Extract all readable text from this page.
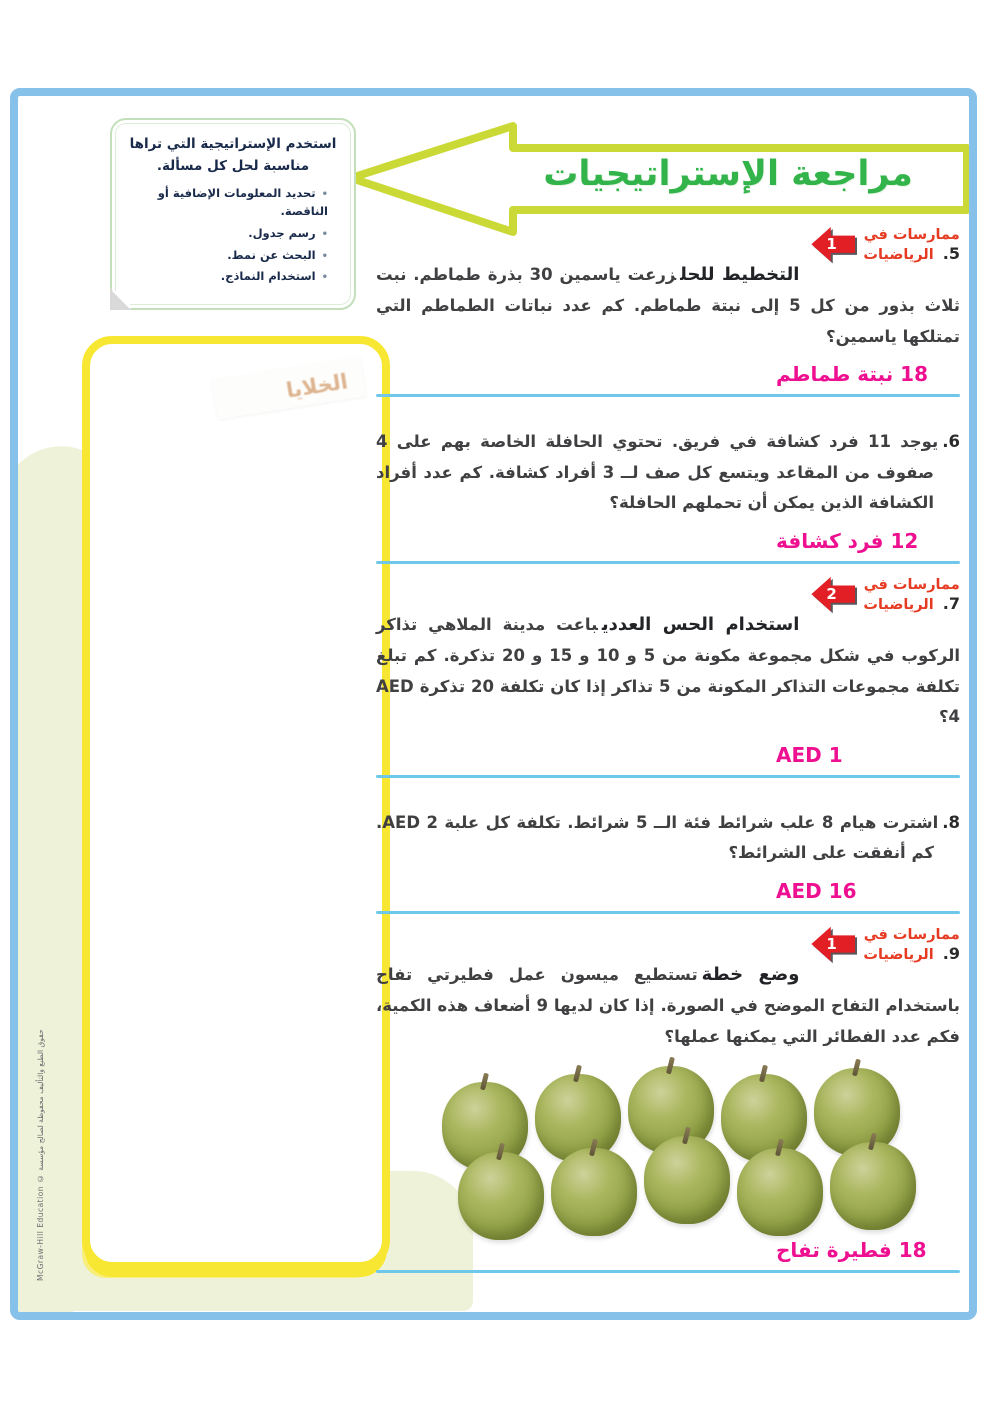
مراجعة الإستراتيجيات

استخدم الإستراتيجية التي تراها مناسبة لحل كل مسألة.

• تحديد المعلومات الإضافية أو الناقصة.
• رسم جدول.
• البحث عن نمط.
• استخدام النماذج.
الخلايا
McGraw-Hill Education © حقوق الطبع والتأليف محفوظة لصالح مؤسسة
ممارسات في
5. الرياضيات
1

التخطيط للحلزرعت ياسمين 30 بذرة طماطم. نبت ثلاث بذور من كل 5 إلى نبتة طماطم. كم عدد نباتات الطماطم التي تمتلكها ياسمين؟

18 نبتة طماطم

6.يوجد 11 فرد كشافة في فريق. تحتوي الحافلة الخاصة بهم على 4 صفوف من المقاعد ويتسع كل صف لــ 3 أفراد كشافة. كم عدد أفراد الكشافة الذين يمكن أن تحملهم الحافلة؟

12 فرد كشافة
ممارسات في
7. الرياضيات
2

استخدام الحس العدديباعت مدينة الملاهي تذاكر الركوب في شكل مجموعة مكونة من 5 و 10 و 15 و 20 تذكرة. كم تبلغ تكلفة مجموعات التذاكر المكونة من 5 تذاكر إذا كان تكلفة 20 تذكرة AED 4؟

AED 1

8.اشترت هيام 8 علب شرائط فئة الــ 5 شرائط. تكلفة كل علبة AED 2. كم أنفقت على الشرائط؟

AED 16
ممارسات في
9. الرياضيات
1

وضع خطةتستطيع ميسون عمل فطيرتي تفاح باستخدام التفاح الموضح في الصورة. إذا كان لديها 9 أضعاف هذه الكمية، فكم عدد الفطائر التي يمكنها عملها؟

18 فطيرة تفاح
